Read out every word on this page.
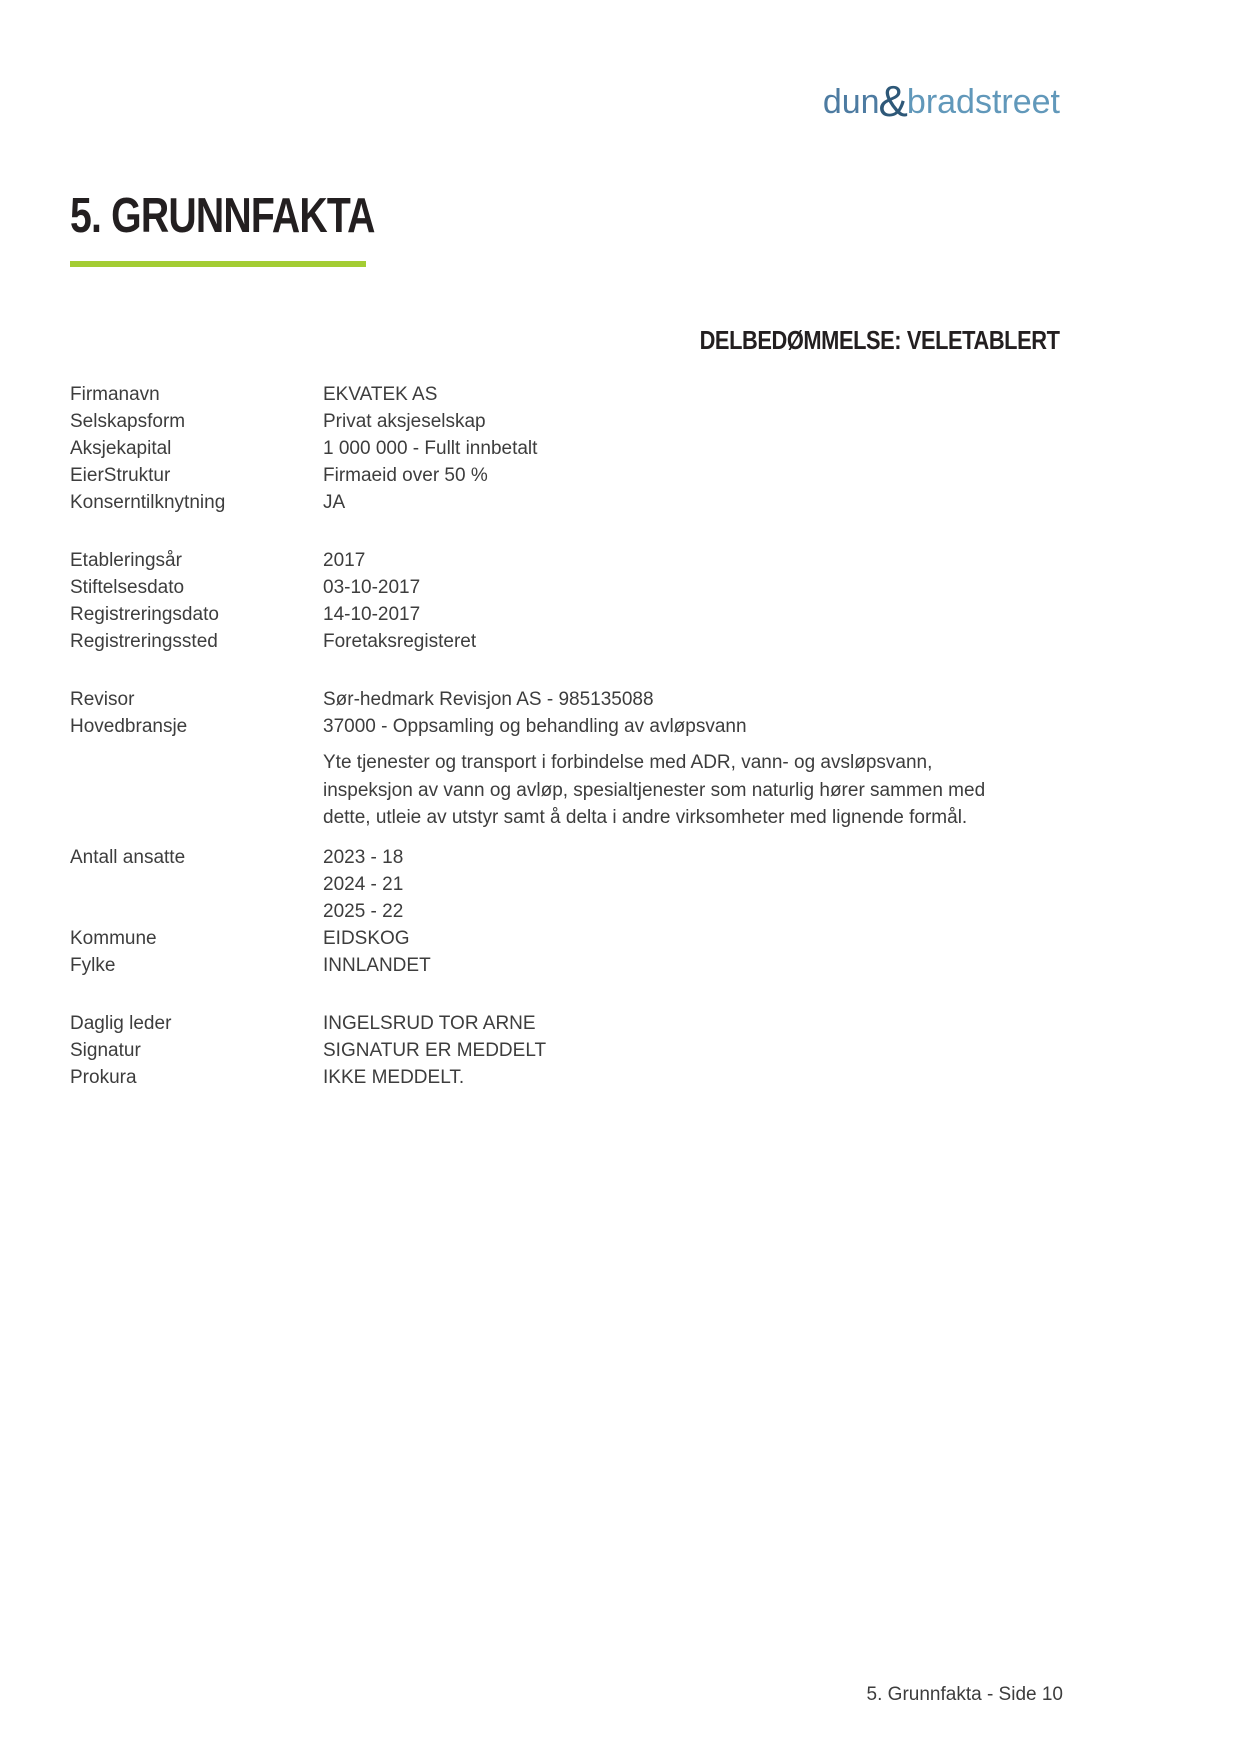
dun&bradstreet
5. GRUNNFAKTA
DELBEDØMMELSE: VELETABLERT
Firmanavn	EKVATEK AS
Selskapsform	Privat aksjeselskap
Aksjekapital	1 000 000 - Fullt innbetalt
EierStruktur	Firmaeid over 50 %
Konserntilknytning	JA
Etableringsår	2017
Stiftelsesdato	03-10-2017
Registreringsdato	14-10-2017
Registreringssted	Foretaksregisteret
Revisor	Sør-hedmark Revisjon AS - 985135088
Hovedbransje	37000 - Oppsamling og behandling av avløpsvann
Yte tjenester og transport i forbindelse med ADR, vann- og avsløpsvann, inspeksjon av vann og avløp, spesialtjenester som naturlig hører sammen med dette, utleie av utstyr samt å delta i andre virksomheter med lignende formål.
Antall ansatte	2023 - 18
2024 - 21
2025 - 22
Kommune	EIDSKOG
Fylke	INNLANDET
Daglig leder	INGELSRUD TOR ARNE
Signatur	SIGNATUR ER MEDDELT
Prokura	IKKE MEDDELT.
5. Grunnfakta - Side 10
